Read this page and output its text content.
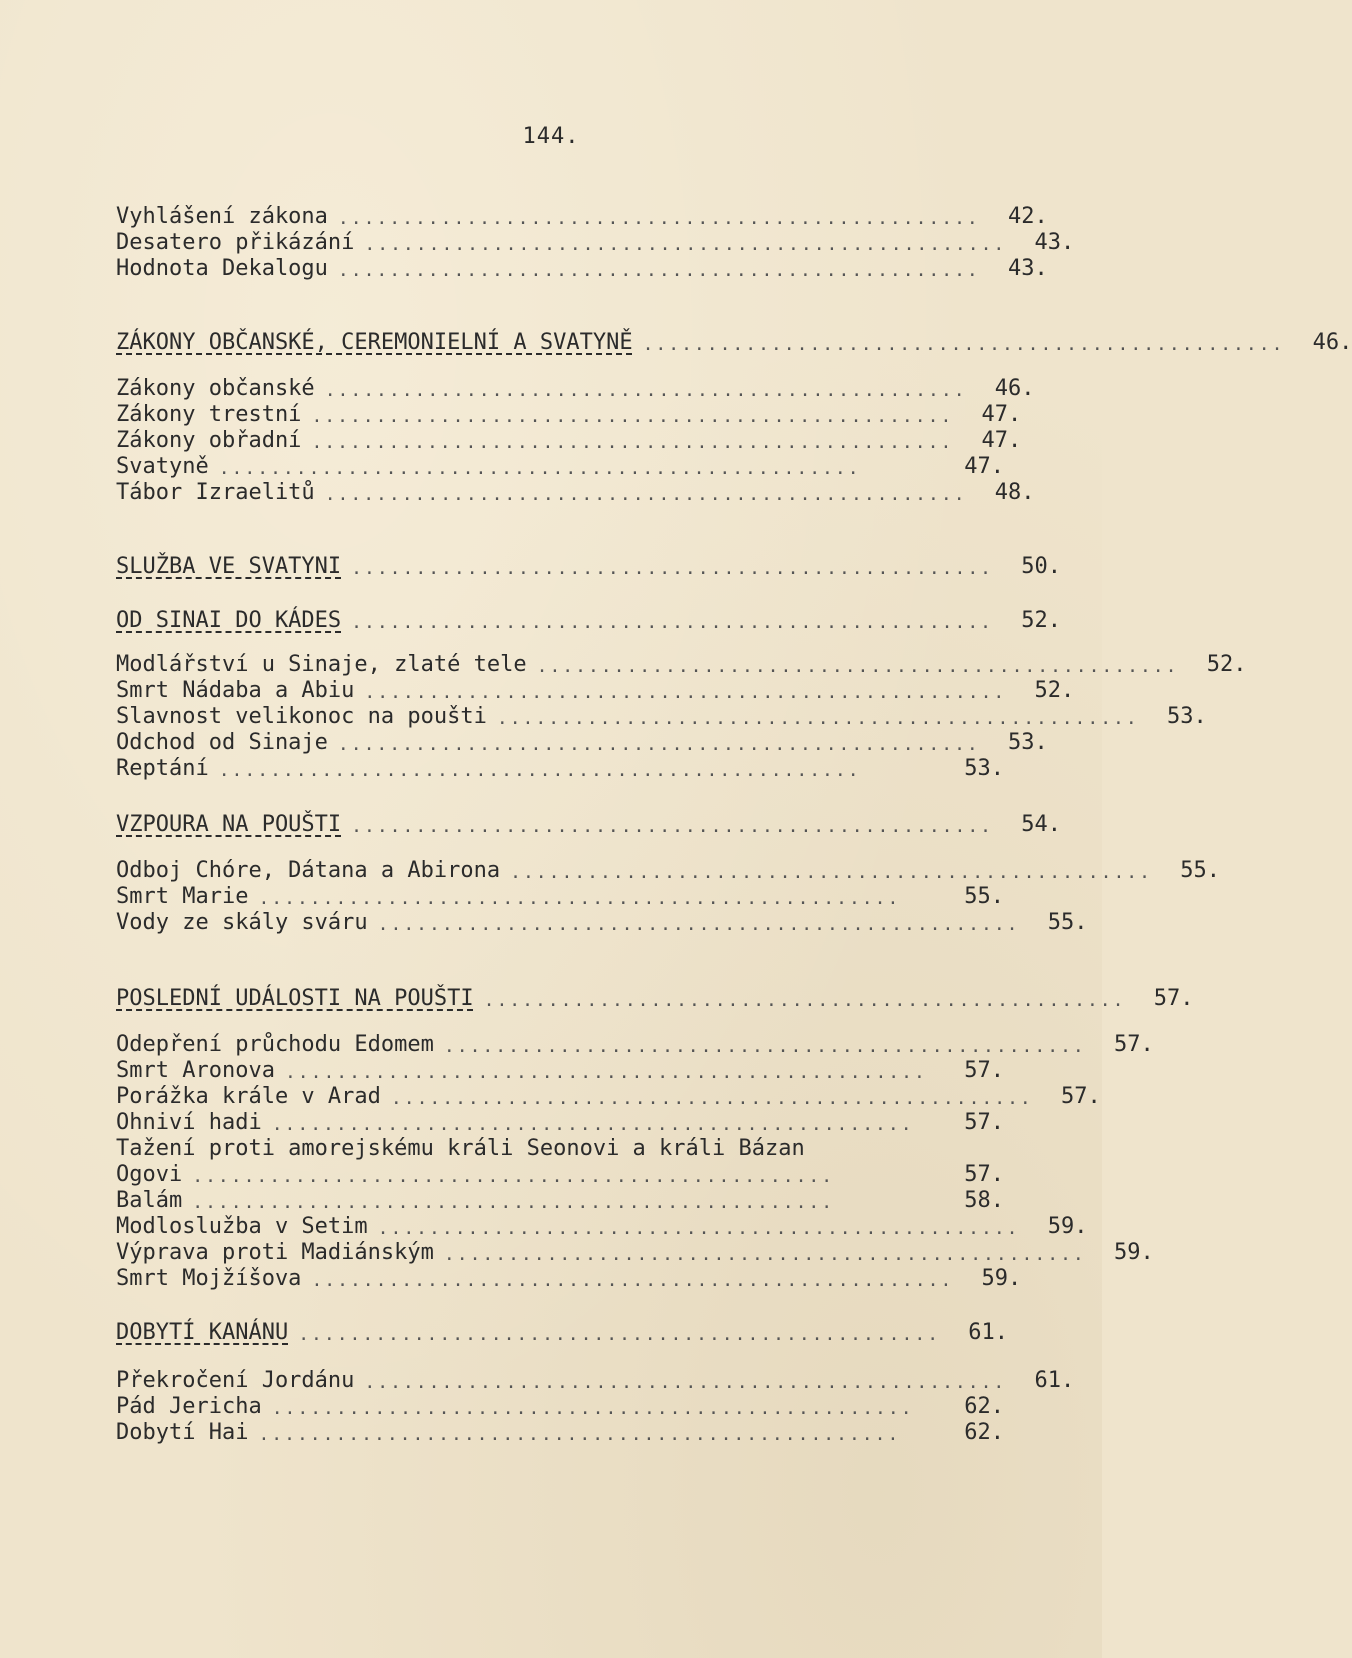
144.
Vyhlášení zákona ..................................................	42.
Desatero přikázání ..................................................	43.
Hodnota Dekalogu ..................................................	43.
ZÁKONY OBČANSKÉ, CEREMONIELNÍ A SVATYNĚ ..................................................	46.
Zákony občanské ..................................................	46.
Zákony trestní ..................................................	47.
Zákony obřadní ..................................................	47.
Svatyně ..................................................	47.
Tábor Izraelitů ..................................................	48.
SLUŽBA VE SVATYNI ..................................................	50.
OD SINAI DO KÁDES ..................................................	52.
Modlářství u Sinaje, zlaté tele ..................................................	52.
Smrt Nádaba a Abiu ..................................................	52.
Slavnost velikonoc na poušti ..................................................	53.
Odchod od Sinaje ..................................................	53.
Reptání ..................................................	53.
VZPOURA NA POUŠTI ..................................................	54.
Odboj Chóre, Dátana a Abirona ..................................................	55.
Smrt Marie ..................................................	55.
Vody ze skály sváru ..................................................	55.
POSLEDNÍ UDÁLOSTI NA POUŠTI ..................................................	57.
Odepření průchodu Edomem ..................................................	57.
Smrt Aronova ..................................................	57.
Porážka krále v Arad ..................................................	57.
Ohniví hadi ..................................................	57.
Tažení proti amorejskému králi Seonovi a králi Bázan
Ogovi ..................................................	57.
Balám ..................................................	58.
Modloslužba v Setim ..................................................	59.
Výprava proti Madiánským ..................................................	59.
Smrt Mojžíšova ..................................................	59.
DOBYTÍ KANÁNU ..................................................	61.
Překročení Jordánu ..................................................	61.
Pád Jericha ..................................................	62.
Dobytí Hai ..................................................	62.
